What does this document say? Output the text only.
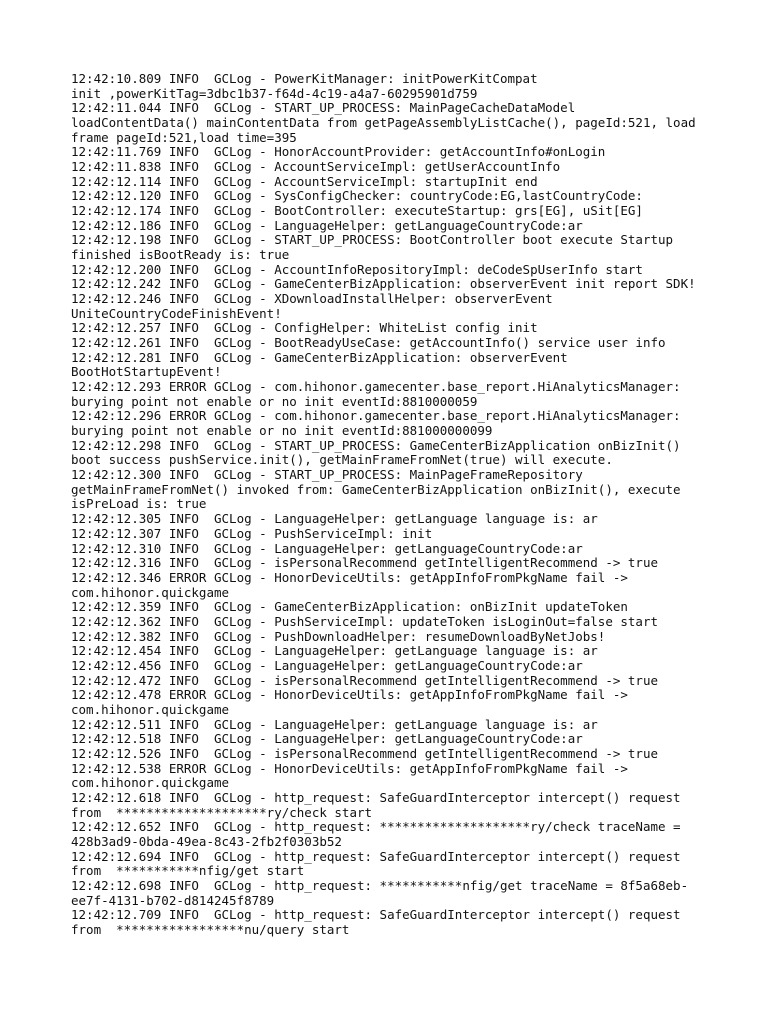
12:42:10.809 INFO  GCLog - PowerKitManager: initPowerKitCompat
init ,powerKitTag=3dbc1b37-f64d-4c19-a4a7-60295901d759
12:42:11.044 INFO  GCLog - START_UP_PROCESS: MainPageCacheDataModel
loadContentData() mainContentData from getPageAssemblyListCache(), pageId:521, load
frame pageId:521,load time=395
12:42:11.769 INFO  GCLog - HonorAccountProvider: getAccountInfo#onLogin
12:42:11.838 INFO  GCLog - AccountServiceImpl: getUserAccountInfo
12:42:12.114 INFO  GCLog - AccountServiceImpl: startupInit end
12:42:12.120 INFO  GCLog - SysConfigChecker: countryCode:EG,lastCountryCode:
12:42:12.174 INFO  GCLog - BootController: executeStartup: grs[EG], uSit[EG]
12:42:12.186 INFO  GCLog - LanguageHelper: getLanguageCountryCode:ar
12:42:12.198 INFO  GCLog - START_UP_PROCESS: BootController boot execute Startup
finished isBootReady is: true
12:42:12.200 INFO  GCLog - AccountInfoRepositoryImpl: deCodeSpUserInfo start
12:42:12.242 INFO  GCLog - GameCenterBizApplication: observerEvent init report SDK!
12:42:12.246 INFO  GCLog - XDownloadInstallHelper: observerEvent
UniteCountryCodeFinishEvent!
12:42:12.257 INFO  GCLog - ConfigHelper: WhiteList config init
12:42:12.261 INFO  GCLog - BootReadyUseCase: getAccountInfo() service user info
12:42:12.281 INFO  GCLog - GameCenterBizApplication: observerEvent
BootHotStartupEvent!
12:42:12.293 ERROR GCLog - com.hihonor.gamecenter.base_report.HiAnalyticsManager:
burying point not enable or no init eventId:8810000059
12:42:12.296 ERROR GCLog - com.hihonor.gamecenter.base_report.HiAnalyticsManager:
burying point not enable or no init eventId:881000000099
12:42:12.298 INFO  GCLog - START_UP_PROCESS: GameCenterBizApplication onBizInit()
boot success pushService.init(), getMainFrameFromNet(true) will execute.
12:42:12.300 INFO  GCLog - START_UP_PROCESS: MainPageFrameRepository
getMainFrameFromNet() invoked from: GameCenterBizApplication onBizInit(), execute
isPreLoad is: true
12:42:12.305 INFO  GCLog - LanguageHelper: getLanguage language is: ar
12:42:12.307 INFO  GCLog - PushServiceImpl: init
12:42:12.310 INFO  GCLog - LanguageHelper: getLanguageCountryCode:ar
12:42:12.316 INFO  GCLog - isPersonalRecommend getIntelligentRecommend -> true
12:42:12.346 ERROR GCLog - HonorDeviceUtils: getAppInfoFromPkgName fail ->
com.hihonor.quickgame
12:42:12.359 INFO  GCLog - GameCenterBizApplication: onBizInit updateToken
12:42:12.362 INFO  GCLog - PushServiceImpl: updateToken isLoginOut=false start
12:42:12.382 INFO  GCLog - PushDownloadHelper: resumeDownloadByNetJobs!
12:42:12.454 INFO  GCLog - LanguageHelper: getLanguage language is: ar
12:42:12.456 INFO  GCLog - LanguageHelper: getLanguageCountryCode:ar
12:42:12.472 INFO  GCLog - isPersonalRecommend getIntelligentRecommend -> true
12:42:12.478 ERROR GCLog - HonorDeviceUtils: getAppInfoFromPkgName fail ->
com.hihonor.quickgame
12:42:12.511 INFO  GCLog - LanguageHelper: getLanguage language is: ar
12:42:12.518 INFO  GCLog - LanguageHelper: getLanguageCountryCode:ar
12:42:12.526 INFO  GCLog - isPersonalRecommend getIntelligentRecommend -> true
12:42:12.538 ERROR GCLog - HonorDeviceUtils: getAppInfoFromPkgName fail ->
com.hihonor.quickgame
12:42:12.618 INFO  GCLog - http_request: SafeGuardInterceptor intercept() request
from  ********************ry/check start
12:42:12.652 INFO  GCLog - http_request: ********************ry/check traceName =
428b3ad9-0bda-49ea-8c43-2fb2f0303b52
12:42:12.694 INFO  GCLog - http_request: SafeGuardInterceptor intercept() request
from  ***********nfig/get start
12:42:12.698 INFO  GCLog - http_request: ***********nfig/get traceName = 8f5a68eb-
ee7f-4131-b702-d814245f8789
12:42:12.709 INFO  GCLog - http_request: SafeGuardInterceptor intercept() request
from  *****************nu/query start
